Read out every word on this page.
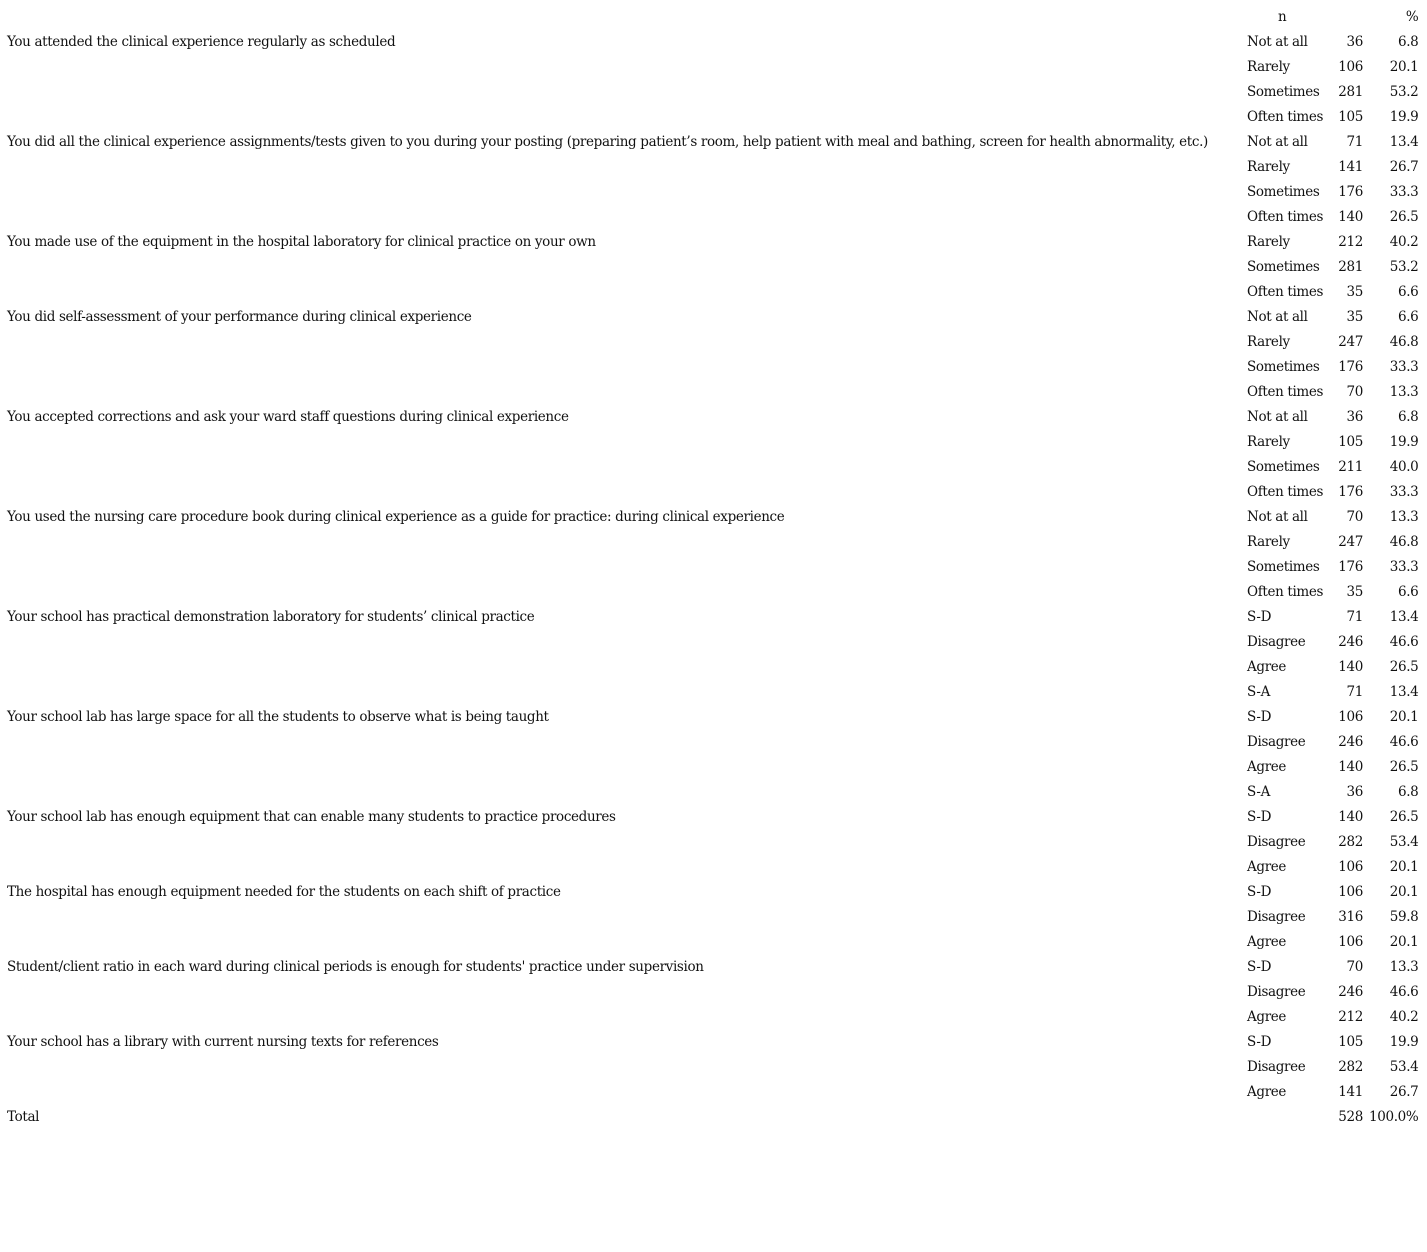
	n		%
You attended the clinical experience regularly as scheduled	Not at all	36	6.8
	Rarely	106	20.1
	Sometimes	281	53.2
	Often times	105	19.9
You did all the clinical experience assignments/tests given to you during your posting (preparing patient’s room, help patient with meal and bathing, screen for health abnormality, etc.)	Not at all	71	13.4
	Rarely	141	26.7
	Sometimes	176	33.3
	Often times	140	26.5
You made use of the equipment in the hospital laboratory for clinical practice on your own	Rarely	212	40.2
	Sometimes	281	53.2
	Often times	35	6.6
You did self-assessment of your performance during clinical experience	Not at all	35	6.6
	Rarely	247	46.8
	Sometimes	176	33.3
	Often times	70	13.3
You accepted corrections and ask your ward staff questions during clinical experience	Not at all	36	6.8
	Rarely	105	19.9
	Sometimes	211	40.0
	Often times	176	33.3
You used the nursing care procedure book during clinical experience as a guide for practice: during clinical experience	Not at all	70	13.3
	Rarely	247	46.8
	Sometimes	176	33.3
	Often times	35	6.6
Your school has practical demonstration laboratory for students’ clinical practice	S-D	71	13.4
	Disagree	246	46.6
	Agree	140	26.5
	S-A	71	13.4
Your school lab has large space for all the students to observe what is being taught	S-D	106	20.1
	Disagree	246	46.6
	Agree	140	26.5
	S-A	36	6.8
Your school lab has enough equipment that can enable many students to practice procedures	S-D	140	26.5
	Disagree	282	53.4
	Agree	106	20.1
The hospital has enough equipment needed for the students on each shift of practice	S-D	106	20.1
	Disagree	316	59.8
	Agree	106	20.1
Student/client ratio in each ward during clinical periods is enough for students' practice under supervision	S-D	70	13.3
	Disagree	246	46.6
	Agree	212	40.2
Your school has a library with current nursing texts for references	S-D	105	19.9
	Disagree	282	53.4
	Agree	141	26.7
Total		528	100.0%
